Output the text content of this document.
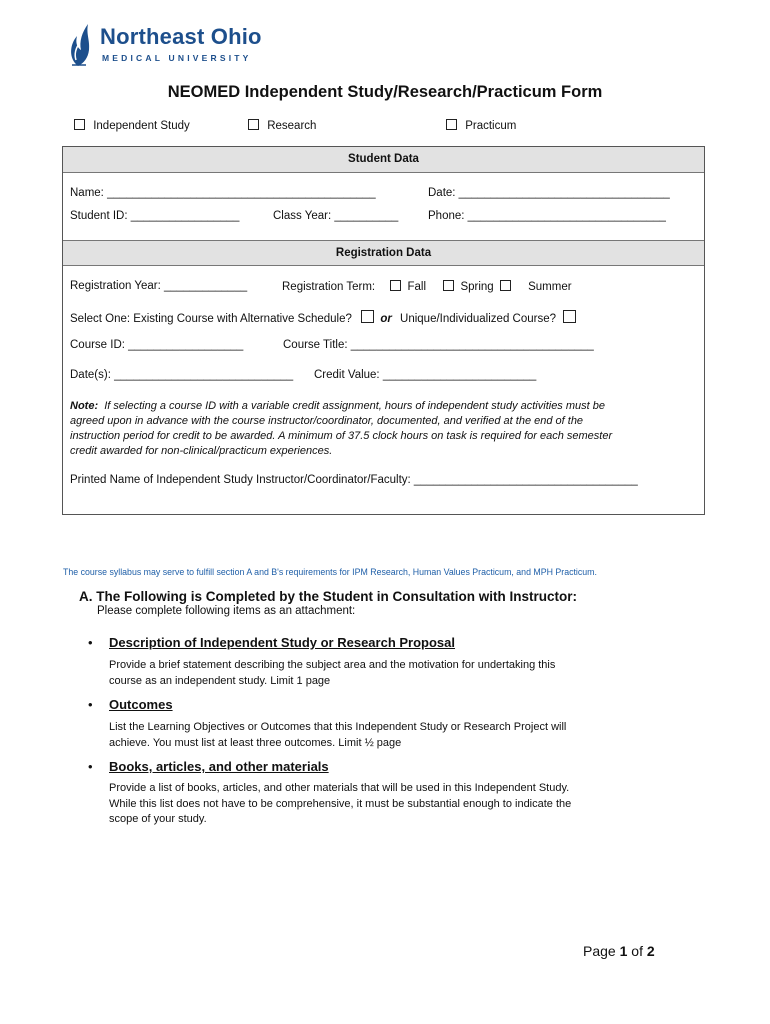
Northeast Ohio
MEDICAL UNIVERSITY
NEOMED Independent Study/Research/Practicum Form
Independent Study	Research	Practicum
Student Data
Name: __________________________________________	Date: _________________________________
Student ID: _________________	Class Year: __________	Phone: _______________________________
Registration Data
Registration Year: _____________	Registration Term:	Fall	Spring	Summer
Select One: Existing Course with Alternative Schedule? or Unique/Individualized Course?
Course ID: __________________	Course Title: ______________________________________
Date(s): ____________________________ Credit Value: ________________________
Note: If selecting a course ID with a variable credit assignment, hours of independent study activities must be
agreed upon in advance with the course instructor/coordinator, documented, and verified at the end of the
instruction period for credit to be awarded. A minimum of 37.5 clock hours on task is required for each semester
credit awarded for non-clinical/practicum experiences.
Printed Name of Independent Study Instructor/Coordinator/Faculty: ___________________________________
The course syllabus may serve to fulfill section A and B's requirements for IPM Research, Human Values Practicum, and MPH Practicum.
A. The Following is Completed by the Student in Consultation with Instructor:
Please complete following items as an attachment:
• Description of Independent Study or Research Proposal
Provide a brief statement describing the subject area and the motivation for undertaking this
course as an independent study. Limit 1 page
• Outcomes
List the Learning Objectives or Outcomes that this Independent Study or Research Project will
achieve. You must list at least three outcomes. Limit ½ page
• Books, articles, and other materials
Provide a list of books, articles, and other materials that will be used in this Independent Study.
While this list does not have to be comprehensive, it must be substantial enough to indicate the
scope of your study.
Page 1 of 2
